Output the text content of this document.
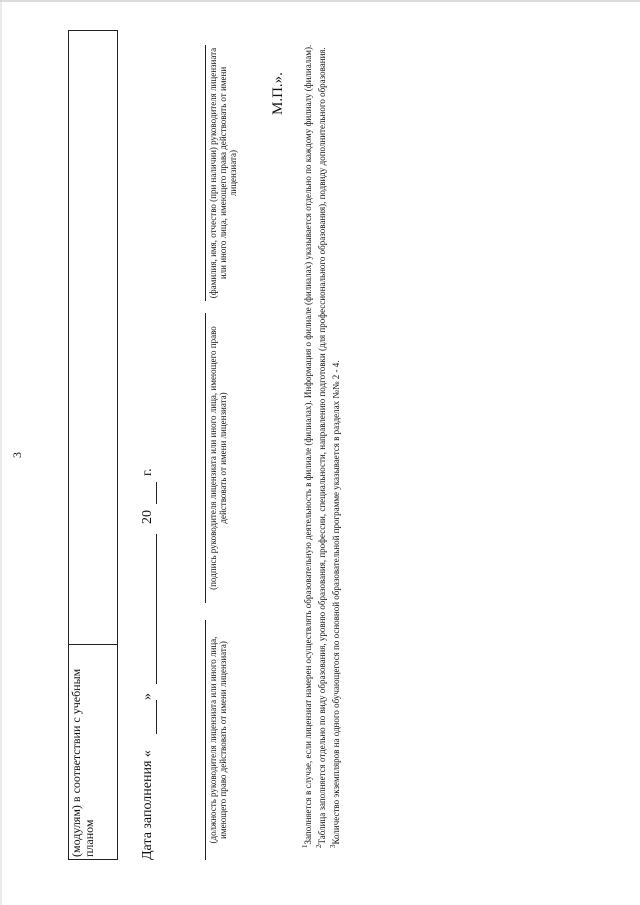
3
(модулям) в соответствии с учебным планом	Дата заполнения «
»
20
г.
(должность руководителя лицензиата или иного лица, имеющего право действовать от имени лицензиата)
(подпись руководителя лицензиата или иного лица, имеющего право действовать от имени лицензиата)
(фамилия, имя, отчество (при наличии) руководителя лицензиата или иного лица, имеющего права действовать от имени лицензиата)
М.П.».
$^1$Заполняется в случае, если лицензиат намерен осуществлять образовательную деятельность в филиале (филиалах). Информация о филиале (филиалах) указывается отдельно по каждому филиалу (филиалам).
$^2$Таблица заполняется отдельно по виду образования, уровню образования, профессии, специальности, направлению подготовки (для профессионального образования), подвиду дополнительного образования.
$^3$Количество экземпляров на одного обучающегося по основной образовательной программе указывается в разделах №№ 2 - 4.
